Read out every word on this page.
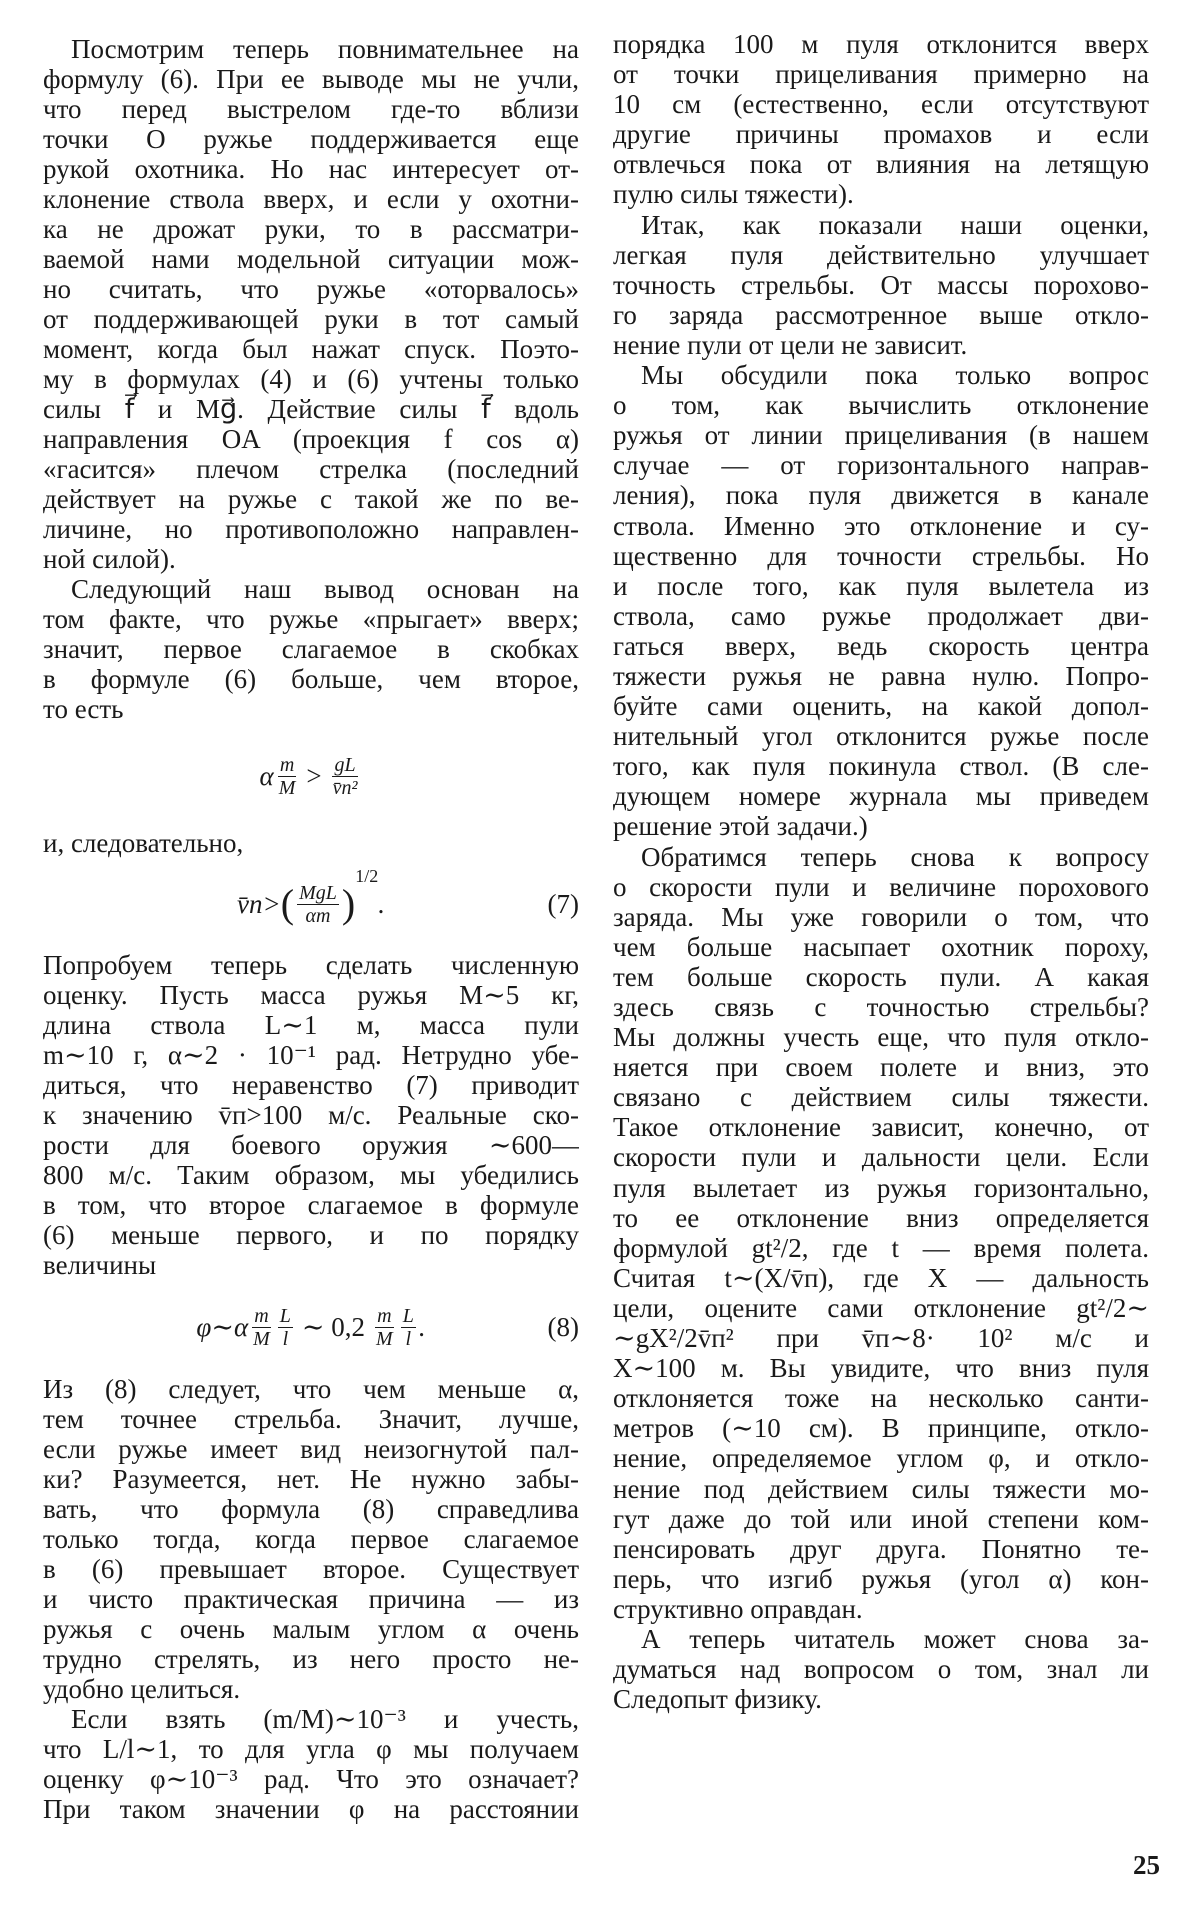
Посмотрим теперь повнимательнее на
формулу (6). При ее выводе мы не учли,
что перед выстрелом где-то вблизи
точки О ружье поддерживается еще
рукой охотника. Но нас интересует от-
клонение ствола вверх, и если у охотни-
ка не дрожат руки, то в рассматри-
ваемой нами модельной ситуации мож-
но считать, что ружье «оторвалось»
от поддерживающей руки в тот самый
момент, когда был нажат спуск. Поэто-
му в формулах (4) и (6) учтены только
силы f⃗ и Mg⃗. Действие силы f⃗ вдоль
направления OA (проекция f cos α)
«гасится» плечом стрелка (последний
действует на ружье с такой же по ве-
личине, но противоположно направлен-
ной силой).
Следующий наш вывод основан на
том факте, что ружье «прыгает» вверх;
значит, первое слагаемое в скобках
в формуле (6) больше, чем второе,
то есть
α $\frac{m}{M} > \frac{gL}{\text{v̄п²}}$
и, следовательно,
v̄п> ( $\frac{\text{MgL}}{\alpha m}$ )
1/2
.	(7)
Попробуем теперь сделать численную
оценку. Пусть масса ружья M∼5 кг,
длина ствола L∼1 м, масса пули
m∼10 г, α∼2 · 10⁻¹ рад. Нетрудно убе-
диться, что неравенство (7) приводит
к значению v̄п>100 м/с. Реальные ско-
рости для боевого оружия ∼600—
800 м/с. Таким образом, мы убедились
в том, что второе слагаемое в формуле
(6) меньше первого, и по порядку
величины
φ∼α $\frac{m}{M} \frac{L}{l}$ ∼ $0,2 \frac{m}{M} \frac{L}{l}$ .	(8)
Из (8) следует, что чем меньше α,
тем точнее стрельба. Значит, лучше,
если ружье имеет вид неизогнутой пал-
ки? Разумеется, нет. Не нужно забы-
вать, что формула (8) справедлива
только тогда, когда первое слагаемое
в (6) превышает второе. Существует
и чисто практическая причина — из
ружья с очень малым углом α очень
трудно стрелять, из него просто не-
удобно целиться.
Если взять (m/M)∼10⁻³ и учесть,
что L/l∼1, то для угла φ мы получаем
оценку φ∼10⁻³ рад. Что это означает?
При таком значении φ на расстоянии
порядка 100 м пуля отклонится вверх
от точки прицеливания примерно на
10 см (естественно, если отсутствуют
другие причины промахов и если
отвлечься пока от влияния на летящую
пулю силы тяжести).
Итак, как показали наши оценки,
легкая пуля действительно улучшает
точность стрельбы. От массы порохово-
го заряда рассмотренное выше откло-
нение пули от цели не зависит.
Мы обсудили пока только вопрос
о том, как вычислить отклонение
ружья от линии прицеливания (в нашем
случае — от горизонтального направ-
ления), пока пуля движется в канале
ствола. Именно это отклонение и су-
щественно для точности стрельбы. Но
и после того, как пуля вылетела из
ствола, само ружье продолжает дви-
гаться вверх, ведь скорость центра
тяжести ружья не равна нулю. Попро-
буйте сами оценить, на какой допол-
нительный угол отклонится ружье после
того, как пуля покинула ствол. (В сле-
дующем номере журнала мы приведем
решение этой задачи.)
Обратимся теперь снова к вопросу
о скорости пули и величине порохового
заряда. Мы уже говорили о том, что
чем больше насыпает охотник пороху,
тем больше скорость пули. А какая
здесь связь с точностью стрельбы?
Мы должны учесть еще, что пуля откло-
няется при своем полете и вниз, это
связано с действием силы тяжести.
Такое отклонение зависит, конечно, от
скорости пули и дальности цели. Если
пуля вылетает из ружья горизонтально,
то ее отклонение вниз определяется
формулой gt²/2, где t — время полета.
Считая t∼(X/v̄п), где X — дальность
цели, оцените сами отклонение gt²/2∼
∼gX²/2v̄п² при v̄п∼8· 10² м/с и
X∼100 м. Вы увидите, что вниз пуля
отклоняется тоже на несколько санти-
метров (∼10 см). В принципе, откло-
нение, определяемое углом φ, и откло-
нение под действием силы тяжести мо-
гут даже до той или иной степени ком-
пенсировать друг друга. Понятно те-
перь, что изгиб ружья (угол α) кон-
структивно оправдан.
А теперь читатель может снова за-
думаться над вопросом о том, знал ли
Следопыт физику.
25
